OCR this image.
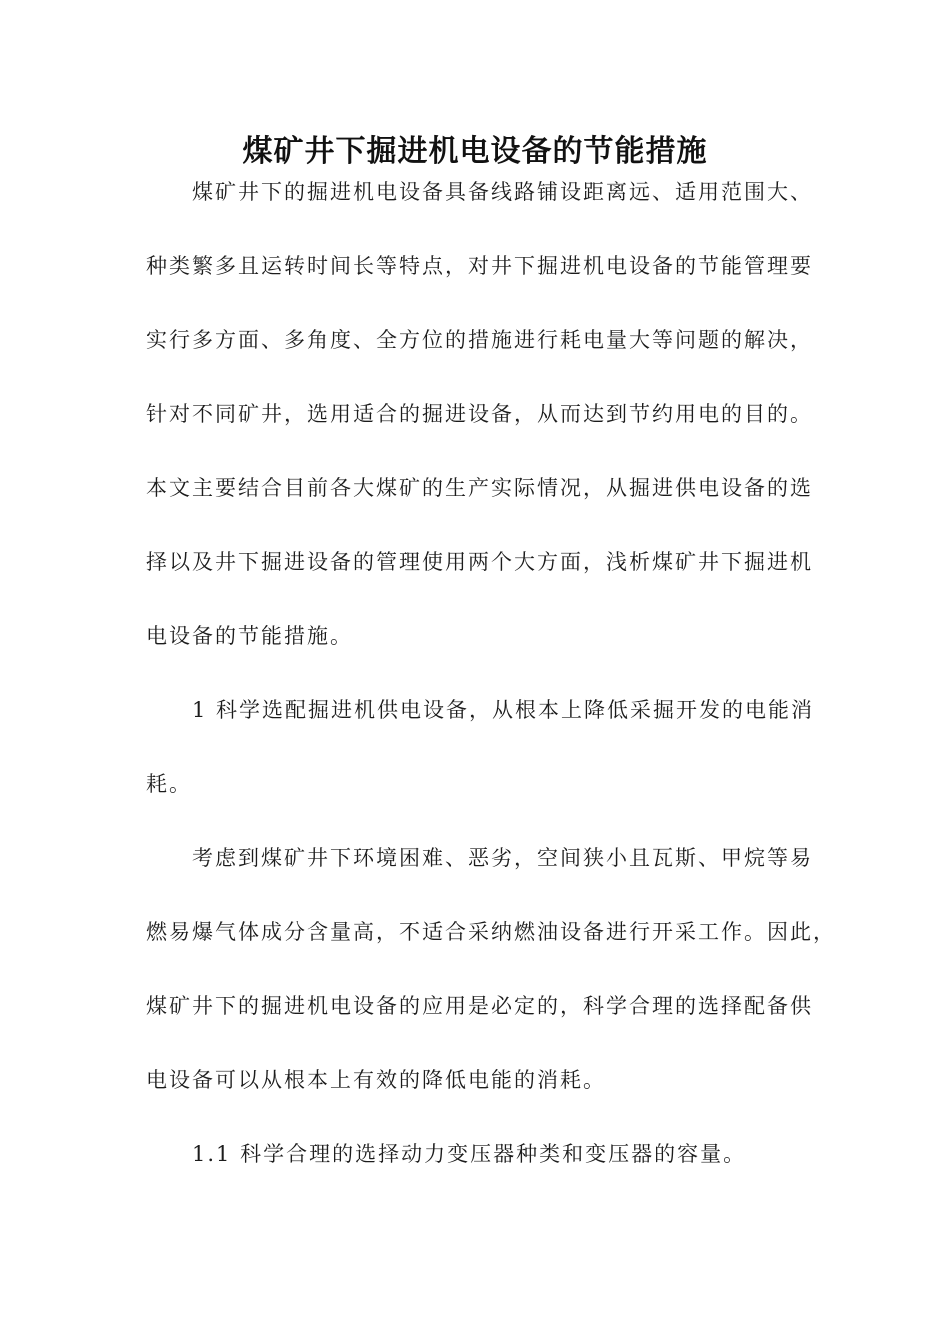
煤矿井下掘进机电设备的节能措施
煤矿井下的掘进机电设备具备线路铺设距离远、适用范围大、
种类繁多且运转时间长等特点，对井下掘进机电设备的节能管理要
实行多方面、多角度、全方位的措施进行耗电量大等问题的解决，
针对不同矿井，选用适合的掘进设备，从而达到节约用电的目的。
本文主要结合目前各大煤矿的生产实际情况，从掘进供电设备的选
择以及井下掘进设备的管理使用两个大方面，浅析煤矿井下掘进机
电设备的节能措施。
1 科学选配掘进机供电设备，从根本上降低采掘开发的电能消
耗。
考虑到煤矿井下环境困难、恶劣，空间狭小且瓦斯、甲烷等易
燃易爆气体成分含量高，不适合采纳燃油设备进行开采工作。因此，
煤矿井下的掘进机电设备的应用是必定的，科学合理的选择配备供
电设备可以从根本上有效的降低电能的消耗。
1.1 科学合理的选择动力变压器种类和变压器的容量。
